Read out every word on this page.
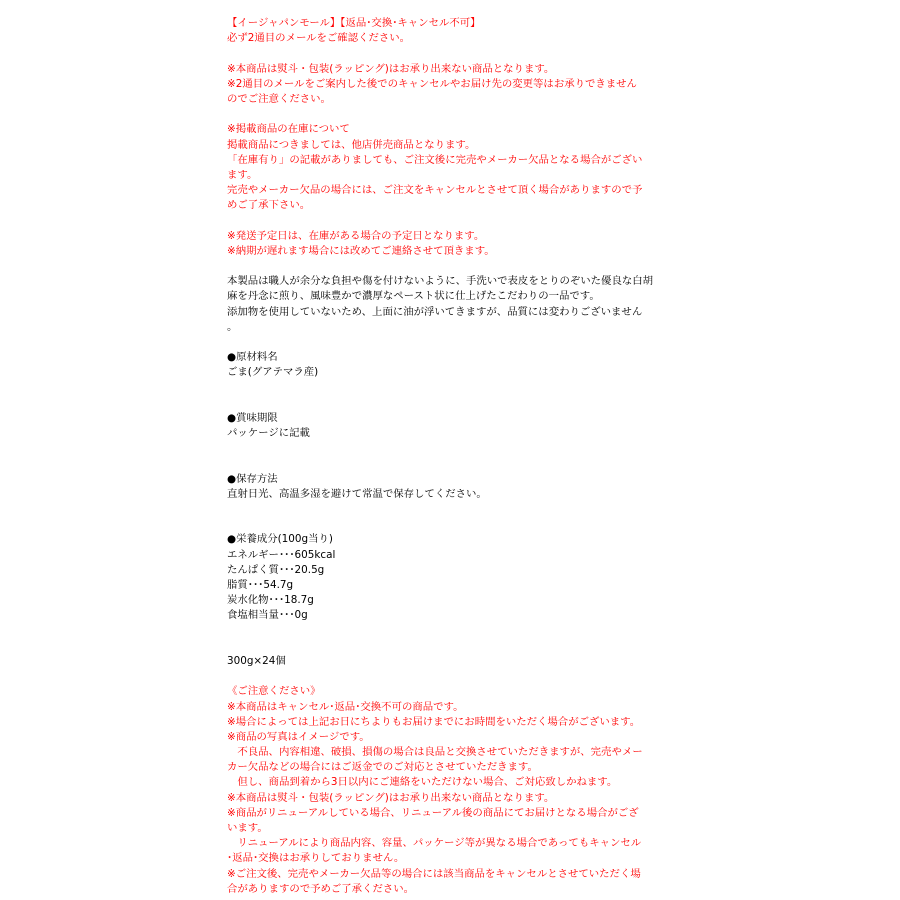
【イージャパンモール】【返品･交換･キャンセル不可】
必ず2通目のメールをご確認ください。
※本商品は熨斗・包装(ラッピング)はお承り出来ない商品となります。
※2通目のメールをご案内した後でのキャンセルやお届け先の変更等はお承りできません
のでご注意ください。
※掲載商品の在庫について
掲載商品につきましては、他店併売商品となります。
「在庫有り」の記載がありましても、ご注文後に完売やメーカー欠品となる場合がござい
ます。
完売やメーカー欠品の場合には、ご注文をキャンセルとさせて頂く場合がありますので予
めご了承下さい。
※発送予定日は、在庫がある場合の予定日となります。
※納期が遅れます場合には改めてご連絡させて頂きます。
本製品は職人が余分な負担や傷を付けないように、手洗いで表皮をとりのぞいた優良な白胡
麻を丹念に煎り、風味豊かで濃厚なペースト状に仕上げたこだわりの一品です。
添加物を使用していないため、上面に油が浮いてきますが、品質には変わりございません
。
●原材料名
ごま(グアテマラ産)
●賞味期限
パッケージに記載
●保存方法
直射日光、高温多湿を避けて常温で保存してください。
●栄養成分(100g当り)
エネルギー･･･605kcal
たんぱく質･･･20.5g
脂質･･･54.7g
炭水化物･･･18.7g
食塩相当量･･･0g
300g×24個
《ご注意ください》
※本商品はキャンセル･返品･交換不可の商品です。
※場合によっては上記お日にちよりもお届けまでにお時間をいただく場合がございます。
※商品の写真はイメージです。
　不良品、内容相違、破損、損傷の場合は良品と交換させていただきますが、完売やメー
カー欠品などの場合にはご返金でのご対応とさせていただきます。
　但し、商品到着から3日以内にご連絡をいただけない場合、ご対応致しかねます。
※本商品は熨斗・包装(ラッピング)はお承り出来ない商品となります。
※商品がリニューアルしている場合、リニューアル後の商品にてお届けとなる場合がござ
います。
　リニューアルにより商品内容、容量、パッケージ等が異なる場合であってもキャンセル
･返品･交換はお承りしておりません。
※ご注文後、完売やメーカー欠品等の場合には該当商品をキャンセルとさせていただく場
合がありますので予めご了承ください。
